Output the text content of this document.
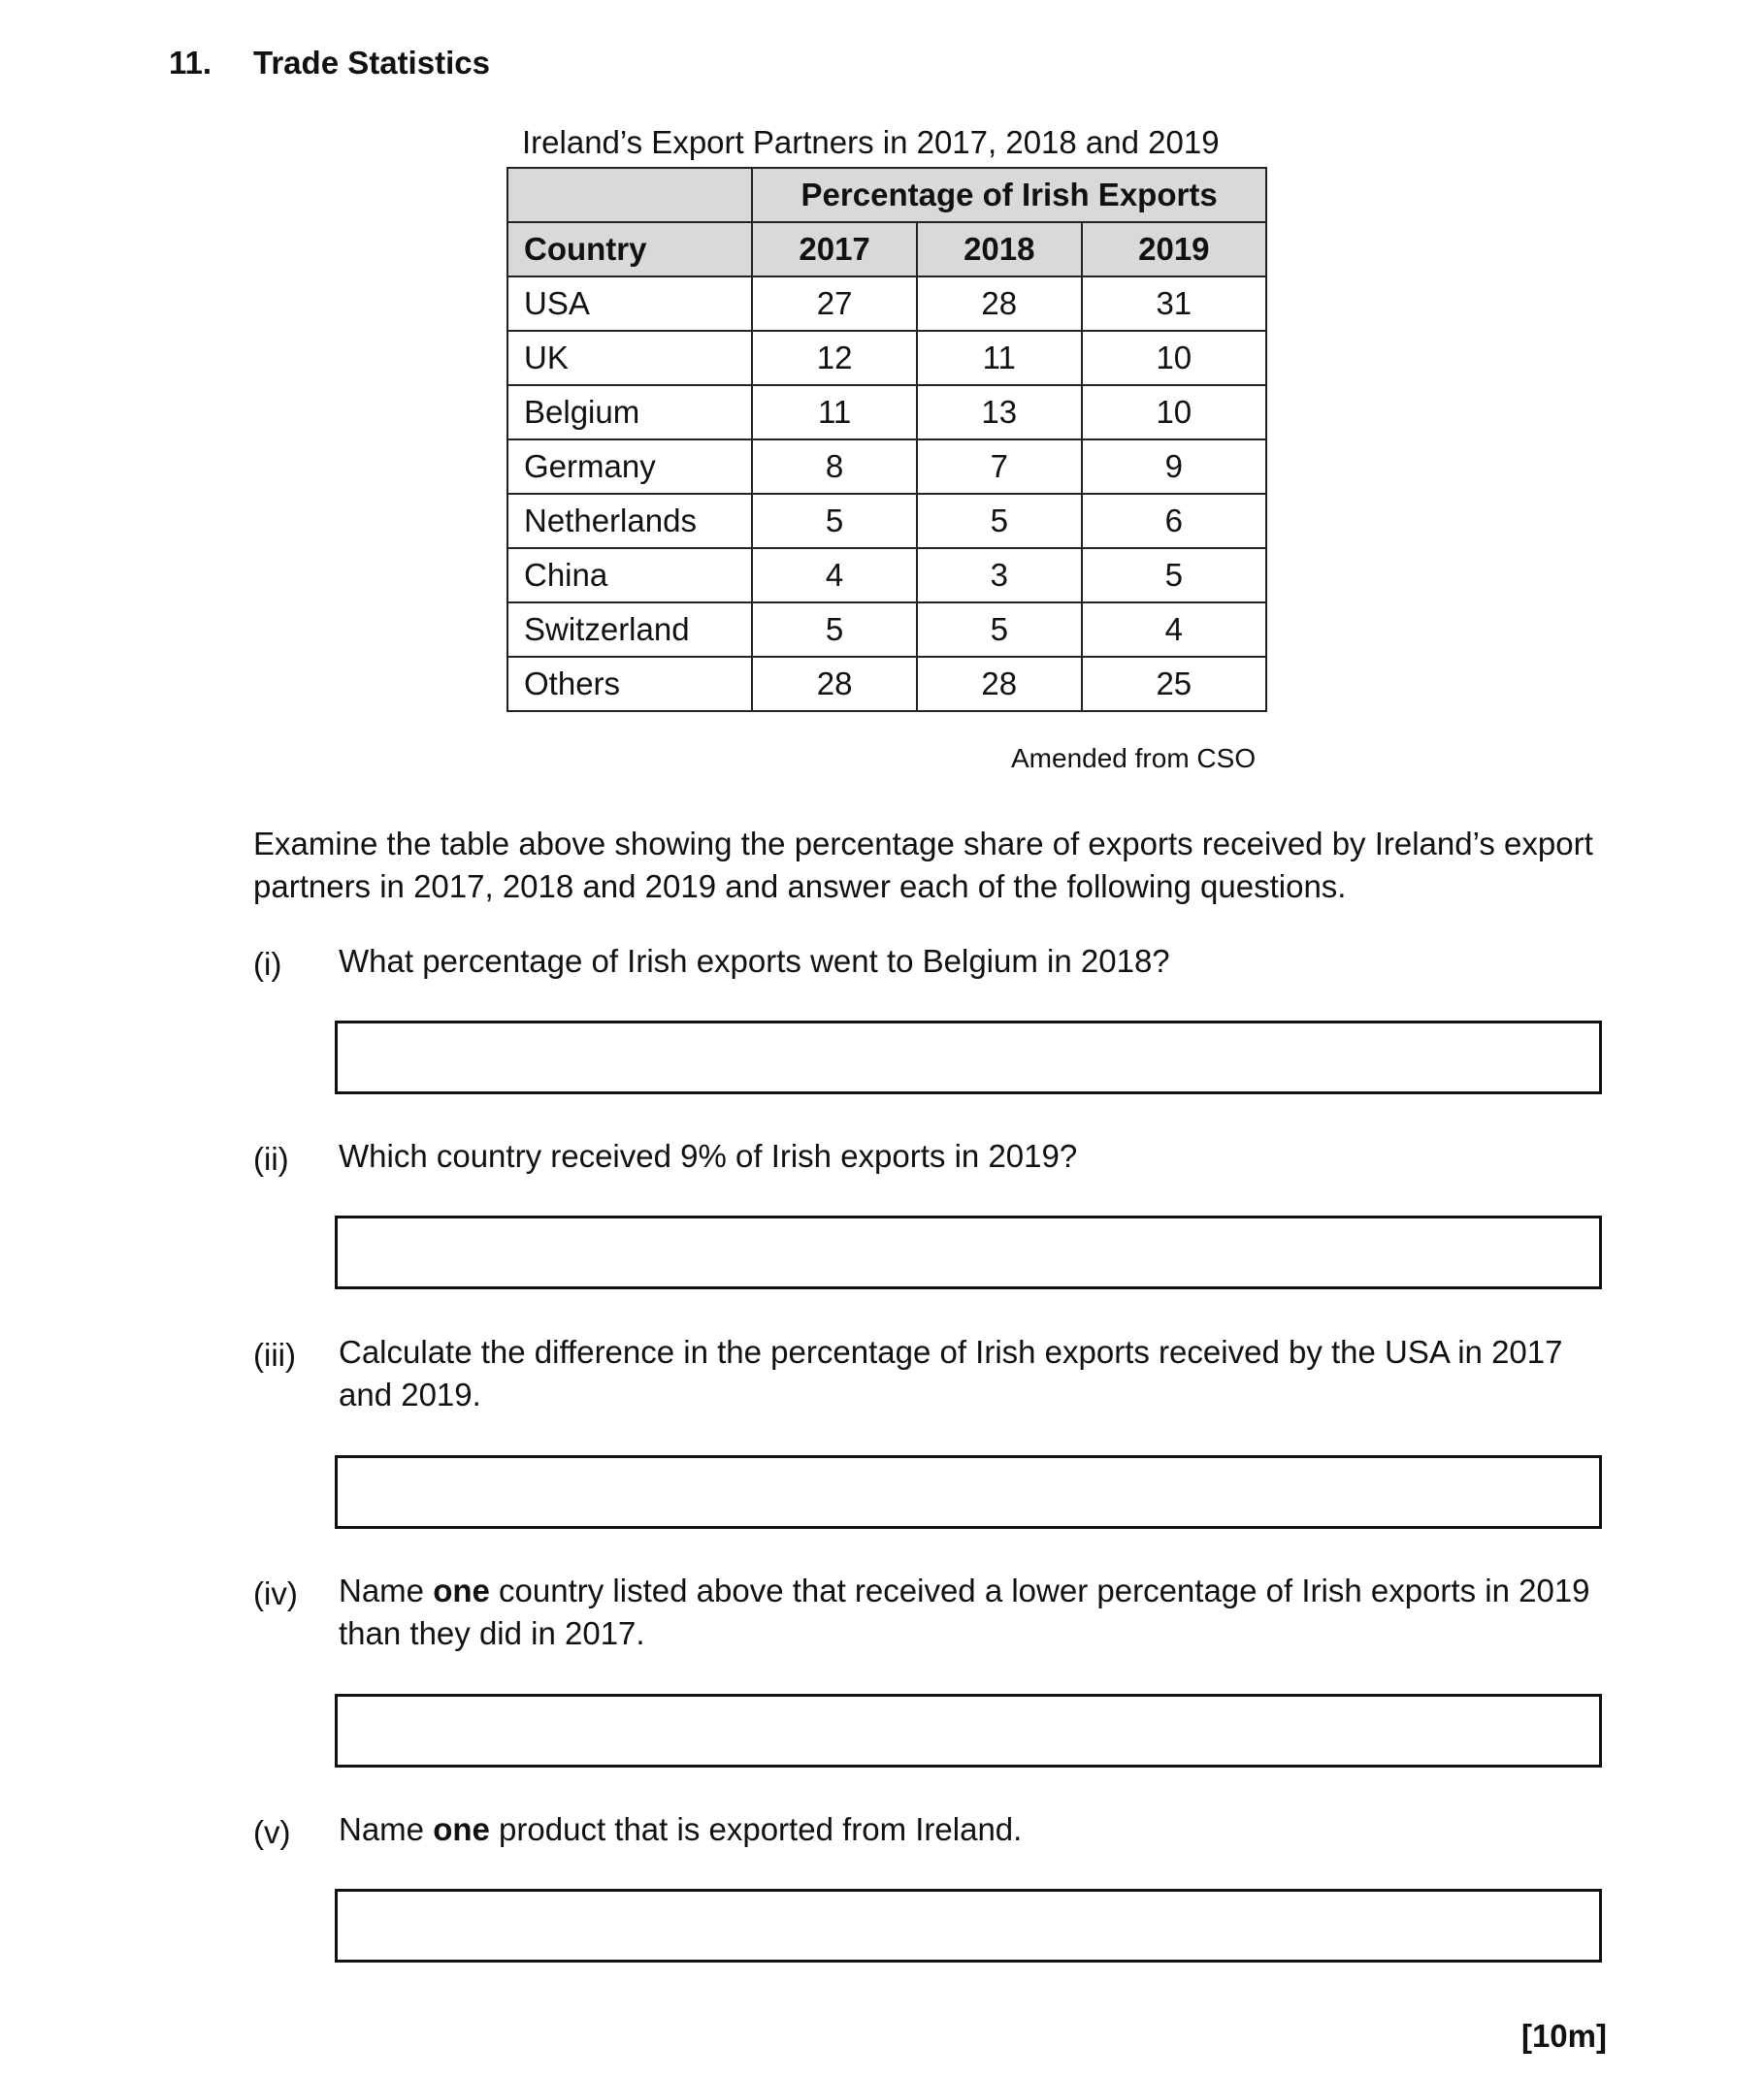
11. Trade Statistics
Ireland’s Export Partners in 2017, 2018 and 2019
	Percentage of Irish Exports		
Country	2017	2018	2019
USA	27	28	31
UK	12	11	10
Belgium	11	13	10
Germany	8	7	9
Netherlands	5	5	6
China	4	3	5
Switzerland	5	5	4
Others	28	28	25
Amended from CSO
Examine the table above showing the percentage share of exports received by Ireland’s export partners in 2017, 2018 and 2019 and answer each of the following questions.
(i) What percentage of Irish exports went to Belgium in 2018?
(ii) Which country received 9% of Irish exports in 2019?
(iii) Calculate the difference in the percentage of Irish exports received by the USA in 2017 and 2019.
(iv) Name one country listed above that received a lower percentage of Irish exports in 2019 than they did in 2017.
(v) Name one product that is exported from Ireland.
[10m]
